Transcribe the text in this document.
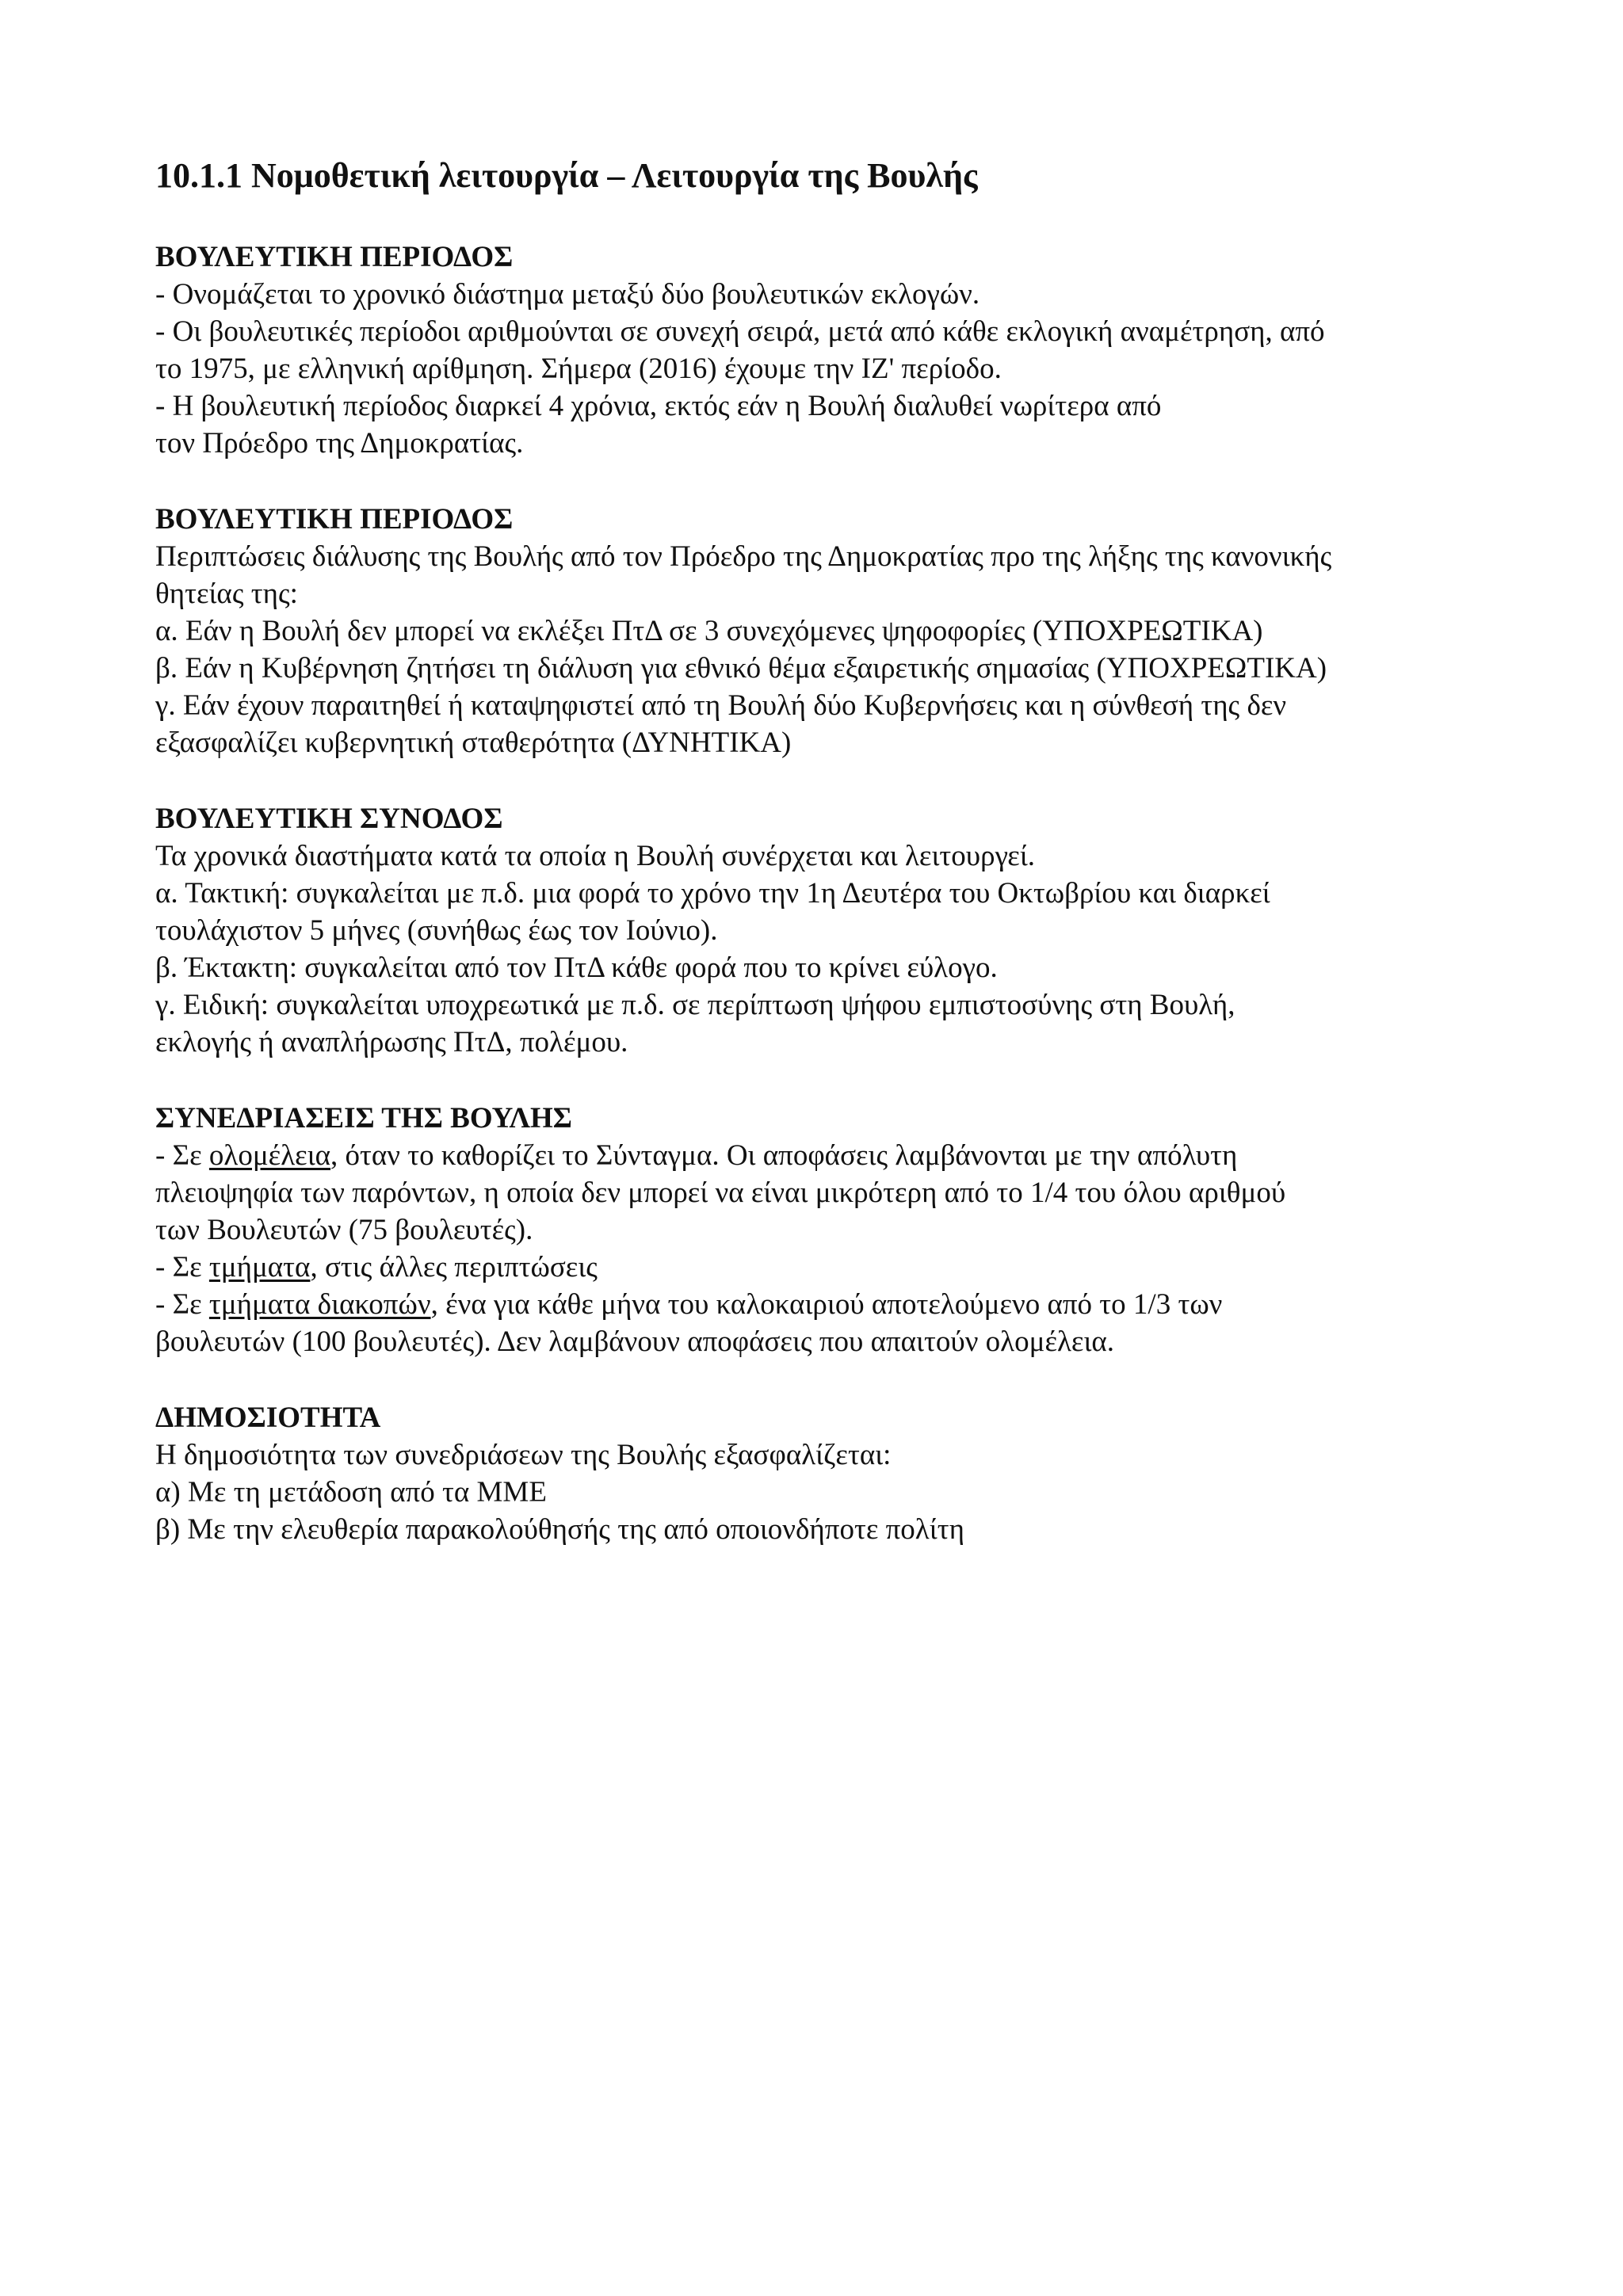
10.1.1 Νομοθετική λειτουργία – Λειτουργία της Βουλής

ΒΟΥΛΕΥΤΙΚΗ ΠΕΡΙΟΔΟΣ

- Ονομάζεται το χρονικό διάστημα μεταξύ δύο βουλευτικών εκλογών.

- Οι βουλευτικές περίοδοι αριθμούνται σε συνεχή σειρά, μετά από κάθε εκλογική αναμέτρηση, από

το 1975, με ελληνική αρίθμηση. Σήμερα (2016) έχουμε την ΙΖ' περίοδο.

- Η βουλευτική περίοδος διαρκεί 4 χρόνια, εκτός εάν η Βουλή διαλυθεί νωρίτερα από

τον Πρόεδρο της Δημοκρατίας.

ΒΟΥΛΕΥΤΙΚΗ ΠΕΡΙΟΔΟΣ

Περιπτώσεις διάλυσης της Βουλής από τον Πρόεδρο της Δημοκρατίας προ της λήξης της κανονικής

θητείας της:

α. Εάν η Βουλή δεν μπορεί να εκλέξει ΠτΔ σε 3 συνεχόμενες ψηφοφορίες (ΥΠΟΧΡΕΩΤΙΚΑ)

β. Εάν η Κυβέρνηση ζητήσει τη διάλυση για εθνικό θέμα εξαιρετικής σημασίας (ΥΠΟΧΡΕΩΤΙΚΑ)

γ. Εάν έχουν παραιτηθεί ή καταψηφιστεί από τη Βουλή δύο Κυβερνήσεις και η σύνθεσή της δεν

εξασφαλίζει κυβερνητική σταθερότητα (ΔΥΝΗΤΙΚΑ)

ΒΟΥΛΕΥΤΙΚΗ ΣΥΝΟΔΟΣ

Τα χρονικά διαστήματα κατά τα οποία η Βουλή συνέρχεται και λειτουργεί.

α. Τακτική: συγκαλείται με π.δ. μια φορά το χρόνο την 1η Δευτέρα του Οκτωβρίου και διαρκεί

τουλάχιστον 5 μήνες (συνήθως έως τον Ιούνιο).

β. Έκτακτη: συγκαλείται από τον ΠτΔ κάθε φορά που το κρίνει εύλογο.

γ. Ειδική: συγκαλείται υποχρεωτικά με π.δ. σε περίπτωση ψήφου εμπιστοσύνης στη Βουλή,

εκλογής ή αναπλήρωσης ΠτΔ, πολέμου.

ΣΥΝΕΔΡΙΑΣΕΙΣ ΤΗΣ ΒΟΥΛΗΣ

- Σε ολομέλεια, όταν το καθορίζει το Σύνταγμα. Οι αποφάσεις λαμβάνονται με την απόλυτη

πλειοψηφία των παρόντων, η οποία δεν μπορεί να είναι μικρότερη από το 1/4 του όλου αριθμού

των Βουλευτών (75 βουλευτές).

- Σε τμήματα, στις άλλες περιπτώσεις

- Σε τμήματα διακοπών, ένα για κάθε μήνα του καλοκαιριού αποτελούμενο από το 1/3 των

βουλευτών (100 βουλευτές). Δεν λαμβάνουν αποφάσεις που απαιτούν ολομέλεια.

ΔΗΜΟΣΙΟΤΗΤΑ

Η δημοσιότητα των συνεδριάσεων της Βουλής εξασφαλίζεται:

α) Με τη μετάδοση από τα ΜΜΕ

β) Με την ελευθερία παρακολούθησής της από οποιονδήποτε πολίτη
